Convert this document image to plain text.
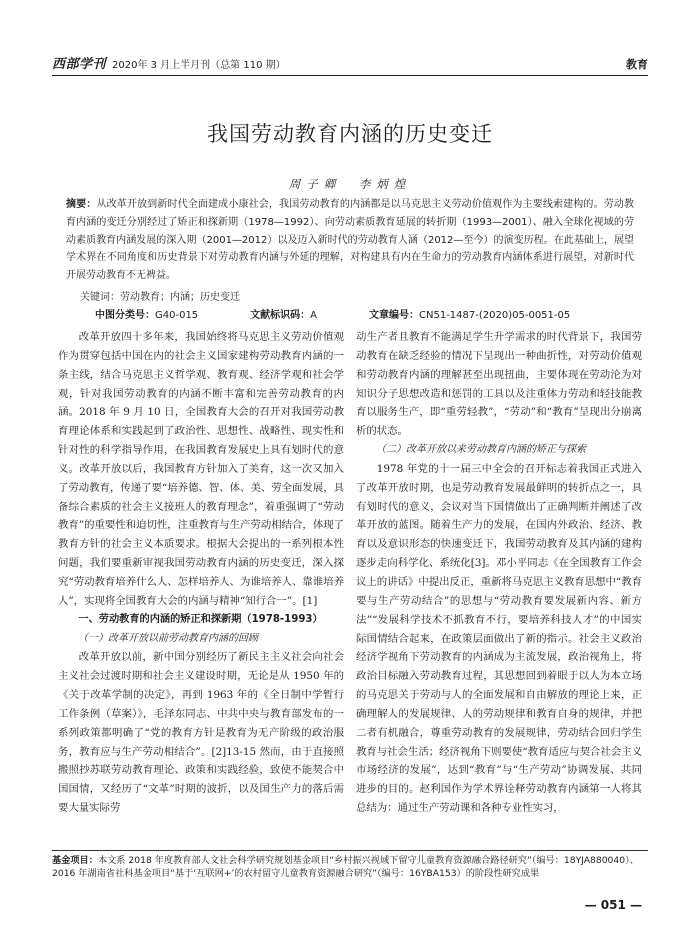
西部学刊 2020年 3 月上半月刊（总第 110 期）	教育
我国劳动教育内涵的历史变迁
周子卿　李炳煌
摘要：从改革开放到新时代全面建成小康社会，我国劳动教育的内涵都是以马克思主义劳动价值观作为主要线索建构的。劳动教育内涵的变迁分别经过了矫正和探新期（1978—1992）、向劳动素质教育延展的转折期（1993—2001）、融入全球化视域的劳动素质教育内涵发展的深入期（2001—2012）以及迈入新时代的劳动教育人涵（2012—至今）的演变历程。在此基础上，展望学术界在不同角度和历史背景下对劳动教育内涵与外延的理解，对构建具有内在生命力的劳动教育内涵体系进行展望，对新时代开展劳动教育不无裨益。
关键词：劳动教育；内涵；历史变迁
中图分类号：G40-015	文献标识码：A	文章编号：CN51-1487-(2020)05-0051-05

改革开放四十多年来，我国始终将马克思主义劳动价值观作为贯穿包括中国在内的社会主义国家建构劳动教育内涵的一条主线，结合马克思主义哲学观、教育观、经济学观和社会学观，针对我国劳动教育的内涵不断丰富和完善劳动教育的内涵。2018 年 9 月 10 日，全国教育大会的召开对我国劳动教育理论体系和实践起到了政治性、思想性、战略性、现实性和针对性的科学指导作用，在我国教育发展史上具有划时代的意义。改革开放以后，我国教育方针加入了美育，这一次又加入了劳动教育，传递了要“培养德、智、体、美、劳全面发展，具备综合素质的社会主义接班人的教育理念”，着重强调了“劳动教育”的重要性和迫切性，注重教育与生产劳动相结合，体现了教育方针的社会主义本质要求。根据大会提出的一系列根本性问题，我们要重新审视我国劳动教育内涵的历史变迁，深入探究“劳动教育培养什么人、怎样培养人、为谁培养人、靠谁培养人”，实现将全国教育大会的内涵与精神“知行合一”。[1]

一、劳动教育的内涵的矫正和探新期（1978-1993）

（一）改革开放以前劳动教育内涵的回顾

改革开放以前，新中国分别经历了新民主主义社会向社会主义社会过渡时期和社会主义建设时期，无论是从 1950 年的《关于改革学制的决定》，再到 1963 年的《全日制中学暂行工作条例（草案）》，毛泽东同志、中共中央与教育部发布的一系列政策都明确了“党的教育方针是教育为无产阶级的政治服务，教育应与生产劳动相结合”。[2]13-15 然而，由于直接照搬照抄苏联劳动教育理论、政策和实践经验，致使不能契合中国国情，又经历了“文革”时期的波折，以及国生产力的落后需要大量实际劳

动生产者且教育不能满足学生升学需求的时代背景下，我国劳动教育在缺乏经验的情况下呈现出一种曲折性，对劳动价值观和劳动教育内涵的理解甚至出现扭曲，主要体现在劳动沦为对知识分子思想改造和惩罚的工具以及注重体力劳动和轻技能教育以服务生产，即“重劳轻教”，“劳动”和“教育”呈现出分崩离析的状态。

（二）改革开放以来劳动教育内涵的矫正与探索

1978 年党的十一届三中全会的召开标志着我国正式进入了改革开放时期，也是劳动教育发展最鲜明的转折点之一，具有划时代的意义，会议对当下国情做出了正确判断并阐述了改革开放的蓝图。随着生产力的发展，在国内外政治、经济、教育以及意识形态的快速变迁下，我国劳动教育及其内涵的建构逐步走向科学化、系统化[3]。邓小平同志《在全国教育工作会议上的讲话》中提出反正，重新将马克思主义教育思想中“教育要与生产劳动结合”的思想与“劳动教育要发展新内容、新方法”“发展科学技术不抓教育不行，要培养科技人才”的中国实际国情结合起来，在政策层面做出了新的指示。社会主义政治经济学视角下劳动教育的内涵成为主流发展，政治视角上，将政治目标融入劳动教育过程，其思想回到着眼于以人为本立场的马克思关于劳动与人的全面发展和自由解放的理论上来，正确理解人的发展规律、人的劳动规律和教育自身的规律，并把二者有机融合，尊重劳动教育的发展规律，劳动结合回归学生教育与社会生活；经济视角下则要使“教育适应与契合社会主义市场经济的发展”，达到“教育”与“生产劳动”协调发展、共同进步的目的。赵利国作为学术界诠释劳动教育内涵第一人将其总结为：通过生产劳动课和各种专业性实习，

基金项目：本文系 2018 年度教育部人文社会科学研究规划基金项目“乡村振兴视域下留守儿童教育资源融合路径研究”（编号：18YJA880040）、2016 年湖南省社科基金项目“基于‘互联网+’的农村留守儿童教育资源融合研究”（编号：16YBA153）的阶段性研究成果
— 051 —
